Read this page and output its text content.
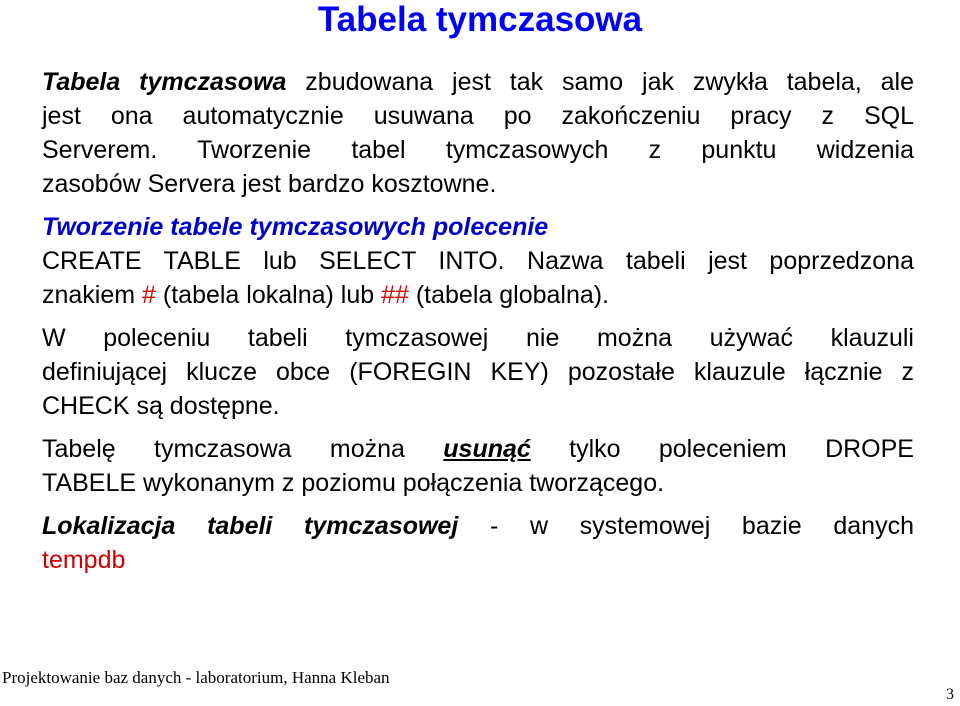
Tabela tymczasowa
Tabela tymczasowa zbudowana jest tak samo jak zwykła tabela, ale
jest ona automatycznie usuwana po zakończeniu pracy z SQL
Serverem. Tworzenie tabel tymczasowych z punktu widzenia
zasobów Servera jest bardzo kosztowne.
Tworzenie tabele tymczasowych polecenie
CREATE TABLE lub SELECT INTO. Nazwa tabeli jest poprzedzona
znakiem # (tabela lokalna) lub ## (tabela globalna).
W poleceniu tabeli tymczasowej nie można używać klauzuli
definiującej klucze obce (FOREGIN KEY) pozostałe klauzule łącznie z
CHECK są dostępne.
Tabelę tymczasowa można usunąć tylko poleceniem DROPE
TABELE wykonanym z poziomu połączenia tworzącego.
Lokalizacja tabeli tymczasowej - w systemowej bazie danych
tempdb
Projektowanie baz danych - laboratorium, Hanna Kleban
3
